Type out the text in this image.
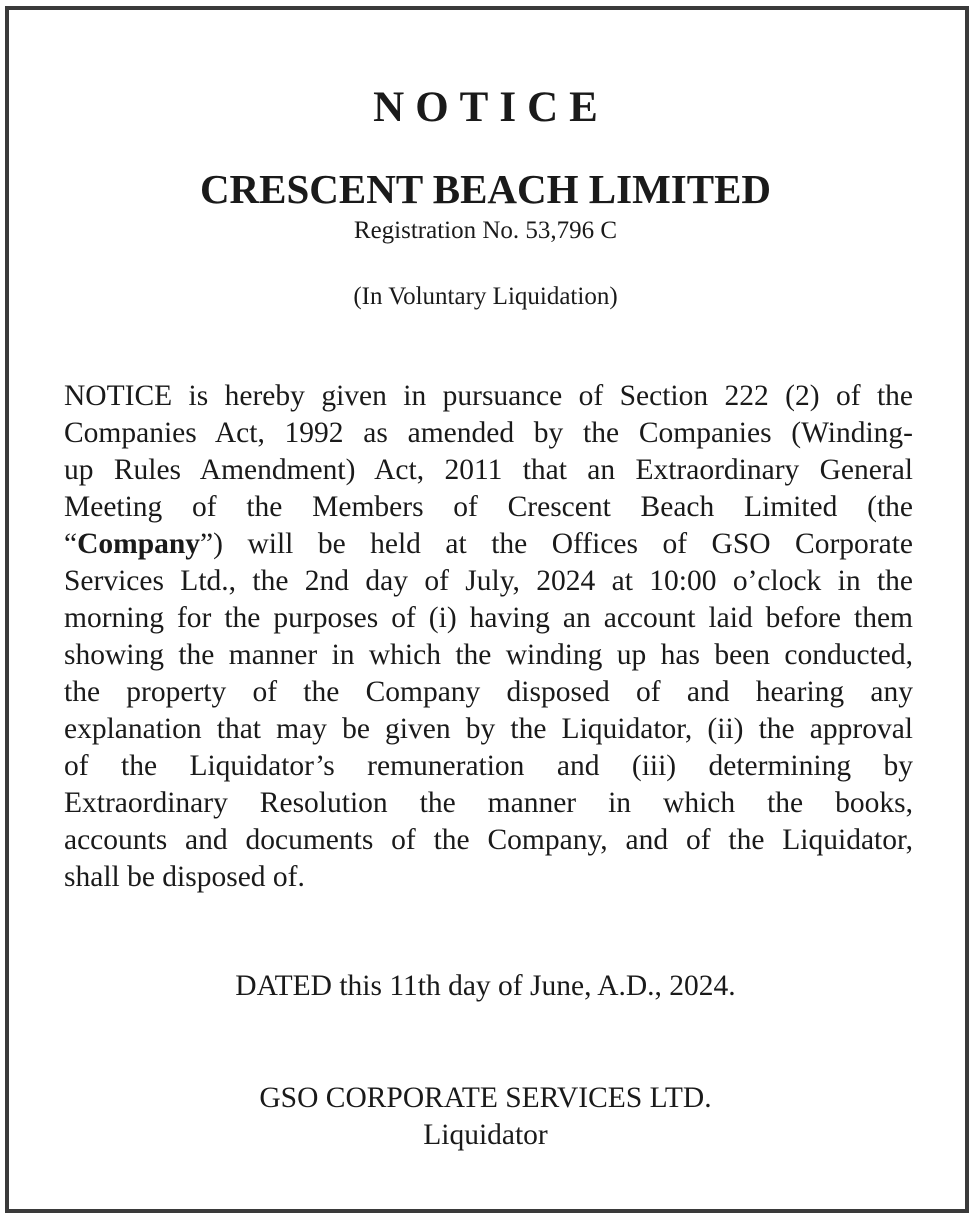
NOTICE
CRESCENT BEACH LIMITED
Registration No. 53,796 C
(In Voluntary Liquidation)
NOTICE is hereby given in pursuance of Section 222 (2) of the
Companies Act, 1992 as amended by the Companies (Winding-
up Rules Amendment) Act, 2011 that an Extraordinary General
Meeting of the Members of Crescent Beach Limited (the
“Company”) will be held at the Offices of GSO Corporate
Services Ltd., the 2nd day of July, 2024 at 10:00 o’clock in the
morning for the purposes of (i) having an account laid before them
showing the manner in which the winding up has been conducted,
the property of the Company disposed of and hearing any
explanation that may be given by the Liquidator, (ii) the approval
of the Liquidator’s remuneration and (iii) determining by
Extraordinary Resolution the manner in which the books,
accounts and documents of the Company, and of the Liquidator,
shall be disposed of.
DATED this 11th day of June, A.D., 2024.
GSO CORPORATE SERVICES LTD.
Liquidator
